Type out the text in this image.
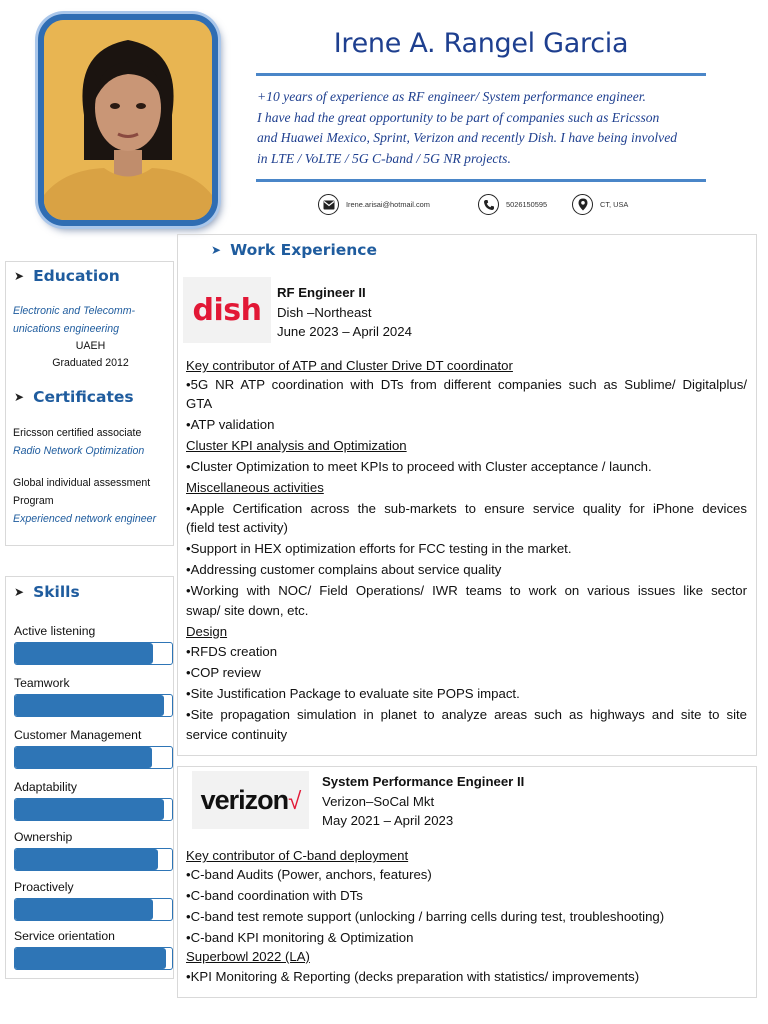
Irene A. Rangel Garcia

+10 years of experience as RF engineer/ System performance engineer.

I have had the great opportunity to be part of companies such as Ericsson

and Huawei Mexico, Sprint, Verizon and recently Dish. I have being involved

in LTE / VoLTE / 5G C-band / 5G NR projects.

Irene.arisai@hotmail.com	5026150595	CT, USA
➤ Education
Electronic and Telecomm-
unications engineering
UAEH
Graduated 2012
➤ Certificates
Ericsson certified associate
Radio Network Optimization
Global individual assessment
Program
Experienced network engineer
➤ Skills
Active listening
Teamwork
Customer Management
Adaptability
Ownership
Proactively
Service orientation
➤ Work Experience
dish RF Engineer II
Dish –Northeast
June 2023 – April 2024
Key contributor of ATP and Cluster Drive DT coordinator
•5G NR ATP coordination with DTs from different companies such as Sublime/ Digitalplus/
GTA
•ATP validation
Cluster KPI analysis and Optimization
•Cluster Optimization to meet KPIs to proceed with Cluster acceptance / launch.
Miscellaneous activities
•Apple Certification across the sub-markets to ensure service quality for iPhone devices
(field test activity)
•Support in HEX optimization efforts for FCC testing in the market.
•Addressing customer complains about service quality
•Working with NOC/ Field Operations/ IWR teams to work on various issues like sector
swap/ site down, etc.
Design
•RFDS creation
•COP review
•Site Justification Package to evaluate site POPS impact.
•Site propagation simulation in planet to analyze areas such as highways and site to site
service continuity
verizon√
System Performance Engineer II
Verizon–SoCal Mkt
May 2021 – April 2023
Key contributor of C-band deployment
•C-band Audits (Power, anchors, features)
•C-band coordination with DTs
•C-band test remote support (unlocking / barring cells during test, troubleshooting)
•C-band KPI monitoring & Optimization
Superbowl 2022 (LA)
•KPI Monitoring & Reporting (decks preparation with statistics/ improvements)
